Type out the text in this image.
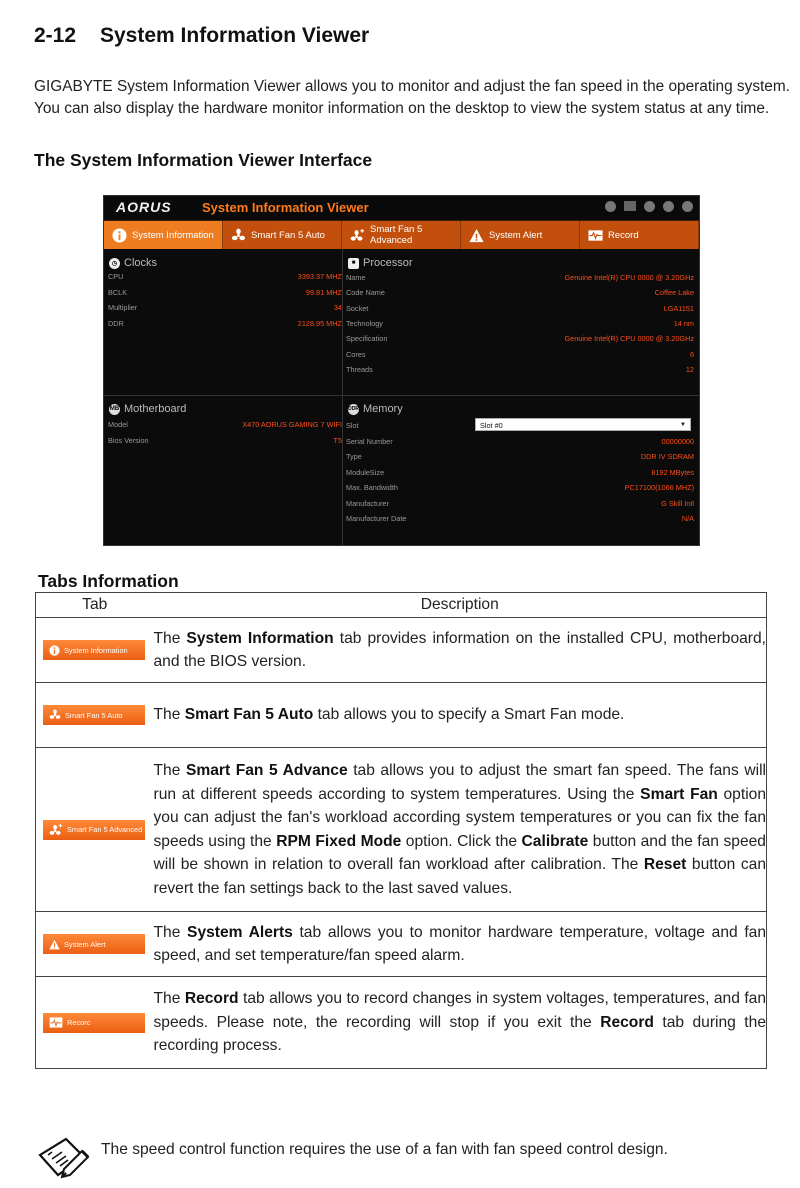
2-12 System Information Viewer

GIGABYTE System Information Viewer allows you to monitor and adjust the fan speed in the operating system.

You can also display the hardware monitor information on the desktop to view the system status at any time.

The System Information Viewer Interface
AORUS System Information Viewer
System Information	Smart Fan 5 Auto	Smart Fan 5 Advanced	System Alert	Record
◷ Clocks
CPU	3393.37 MHZ
BCLK	99.81 MHZ
Multiplier	34
DDR	2128.95 MHZ
■ Processor
Name	Genuine Intel(R) CPU 0000 @ 3.20GHz
Code Name	Coffee Lake
Socket	LGA1151
Technology	14 nm
Specification	Genuine Intel(R) CPU 0000 @ 3.20GHz
Cores	6
Threads	12
MB Motherboard
Model	X470 AORUS GAMING 7 WIFI
Bios Version	T5
DDR Memory
Slot	Slot #0	▼
Serial Number	00000000
Type	DDR IV SDRAM
ModuleSize	8192 MBytes
Max. Bandwidth	PC17100(1066 MHZ)
Manufacturer	G Skill Intl
Manufacturer Date	N/A
Tabs Information
Tab	Description

System Information	The System Information tab provides information on the installed CPU, motherboard, and the BIOS version.

Smart Fan 5 Auto	The Smart Fan 5 Auto tab allows you to specify a Smart Fan mode.

Smart Fan 5 Advanced	The Smart Fan 5 Advance tab allows you to adjust the smart fan speed. The fans will run at different speeds according to system temperatures. Using the Smart Fan option you can adjust the fan's workload according system temperatures or you can fix the fan speeds using the RPM Fixed Mode option. Click the Calibrate button and the fan speed will be shown in relation to overall fan workload after calibration. The Reset button can revert the fan settings back to the last saved values.

System Alert	The System Alerts tab allows you to monitor hardware temperature, voltage and fan speed, and set temperature/fan speed alarm.

Recorc	The Record tab allows you to record changes in system voltages, temperatures, and fan speeds. Please note, the recording will stop if you exit the Record tab during the recording process.
The speed control function requires the use of a fan with fan speed control design.
